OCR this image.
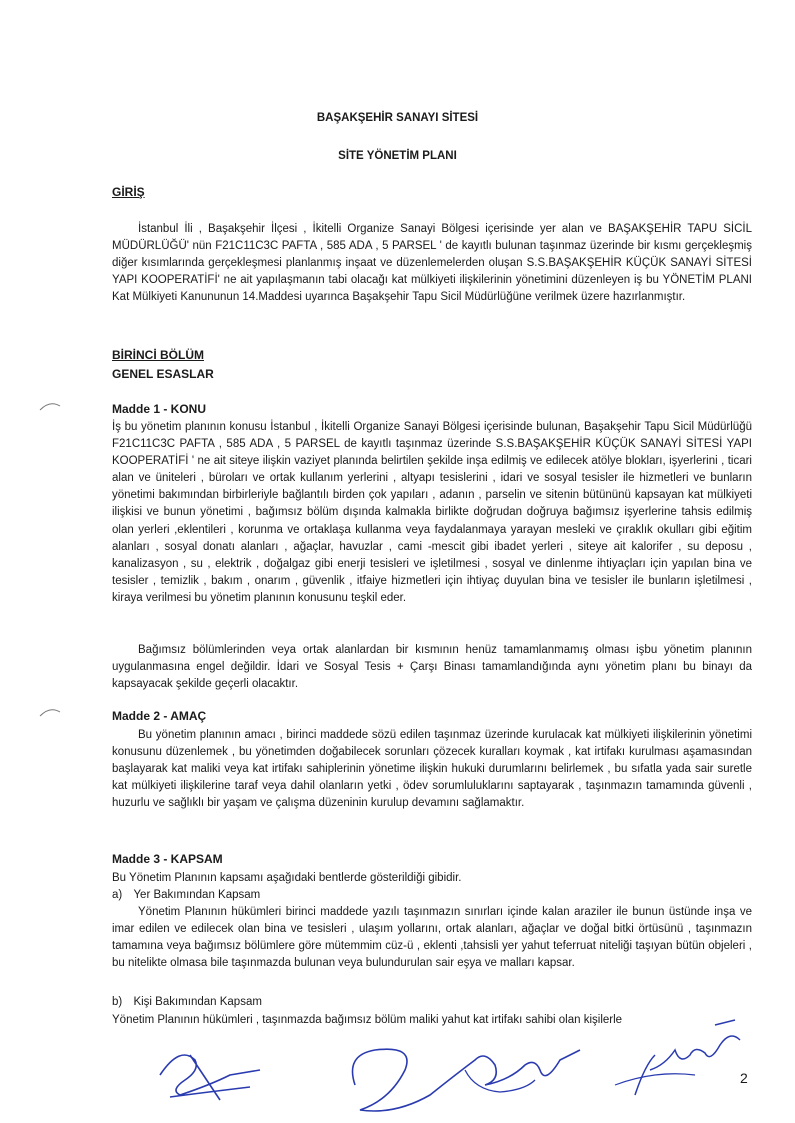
BAŞAKŞEHİR SANAYI SİTESİ
SİTE YÖNETİM PLANI
GİRİŞ

İstanbul İli , Başakşehir İlçesi , İkitelli Organize Sanayi Bölgesi içerisinde yer alan ve BAŞAKŞEHİR TAPU SİCİL MÜDÜRLÜĞÜ' nün F21C11C3C PAFTA , 585 ADA , 5 PARSEL ' de kayıtlı bulunan taşınmaz üzerinde bir kısmı gerçekleşmiş diğer kısımlarında gerçekleşmesi planlanmış inşaat ve düzenlemelerden oluşan S.S.BAŞAKŞEHİR KÜÇÜK SANAYİ SİTESİ YAPI KOOPERATİFİ' ne ait yapılaşmanın tabi olacağı kat mülkiyeti ilişkilerinin yönetimini düzenleyen iş bu YÖNETİM PLANI Kat Mülkiyeti Kanununun 14.Maddesi uyarınca Başakşehir Tapu Sicil Müdürlüğüne verilmek üzere hazırlanmıştır.

BİRİNCİ BÖLÜM
GENEL ESASLAR
Madde 1 - KONU

İş bu yönetim planının konusu İstanbul , İkitelli Organize Sanayi Bölgesi içerisinde bulunan, Başakşehir Tapu Sicil Müdürlüğü F21C11C3C PAFTA , 585 ADA , 5 PARSEL de kayıtlı taşınmaz üzerinde S.S.BAŞAKŞEHİR KÜÇÜK SANAYİ SİTESİ YAPI KOOPERATİFİ ' ne ait siteye ilişkin vaziyet planında belirtilen şekilde inşa edilmiş ve edilecek atölye blokları, işyerlerini , ticari alan ve üniteleri , büroları ve ortak kullanım yerlerini , altyapı tesislerini , idari ve sosyal tesisler ile hizmetleri ve bunların yönetimi bakımından birbirleriyle bağlantılı birden çok yapıları , adanın , parselin ve sitenin bütününü kapsayan kat mülkiyeti ilişkisi ve bunun yönetimi , bağımsız bölüm dışında kalmakla birlikte doğrudan doğruya bağımsız işyerlerine tahsis edilmiş olan yerleri ,eklentileri , korunma ve ortaklaşa kullanma veya faydalanmaya yarayan mesleki ve çıraklık okulları gibi eğitim alanları , sosyal donatı alanları , ağaçlar, havuzlar , cami -mescit gibi ibadet yerleri , siteye ait kalorifer , su deposu , kanalizasyon , su , elektrik , doğalgaz gibi enerji tesisleri ve işletilmesi , sosyal ve dinlenme ihtiyaçları için yapılan bina ve tesisler , temizlik , bakım , onarım , güvenlik , itfaiye hizmetleri için ihtiyaç duyulan bina ve tesisler ile bunların işletilmesi , kiraya verilmesi bu yönetim planının konusunu teşkil eder.

Bağımsız bölümlerinden veya ortak alanlardan bir kısmının henüz tamamlanmamış olması işbu yönetim planının uygulanmasına engel değildir. İdari ve Sosyal Tesis + Çarşı Binası tamamlandığında aynı yönetim planı bu binayı da kapsayacak şekilde geçerli olacaktır.

Madde 2 - AMAÇ

Bu yönetim planının amacı , birinci maddede sözü edilen taşınmaz üzerinde kurulacak kat mülkiyeti ilişkilerinin yönetimi konusunu düzenlemek , bu yönetimden doğabilecek sorunları çözecek kuralları koymak , kat irtifakı kurulması aşamasından başlayarak kat maliki veya kat irtifakı sahiplerinin yönetime ilişkin hukuki durumlarını belirlemek , bu sıfatla yada sair suretle kat mülkiyeti ilişkilerine taraf veya dahil olanların yetki , ödev sorumluluklarını saptayarak , taşınmazın tamamında güvenli , huzurlu ve sağlıklı bir yaşam ve çalışma düzeninin kurulup devamını sağlamaktır.

Madde 3 - KAPSAM

Bu Yönetim Planının kapsamı aşağıdaki bentlerde gösterildiği gibidir.

a) Yer Bakımından Kapsam

Yönetim Planının hükümleri birinci maddede yazılı taşınmazın sınırları içinde kalan araziler ile bunun üstünde inşa ve imar edilen ve edilecek olan bina ve tesisleri , ulaşım yollarını, ortak alanları, ağaçlar ve doğal bitki örtüsünü , taşınmazın tamamına veya bağımsız bölümlere göre mütemmim cüz-ü , eklenti ,tahsisli yer yahut teferruat niteliği taşıyan bütün objeleri , bu nitelikte olmasa bile taşınmazda bulunan veya bulundurulan sair eşya ve malları kapsar.

b) Kişi Bakımından Kapsam

Yönetim Planının hükümleri , taşınmazda bağımsız bölüm maliki yahut kat irtifakı sahibi olan kişilerle

2
